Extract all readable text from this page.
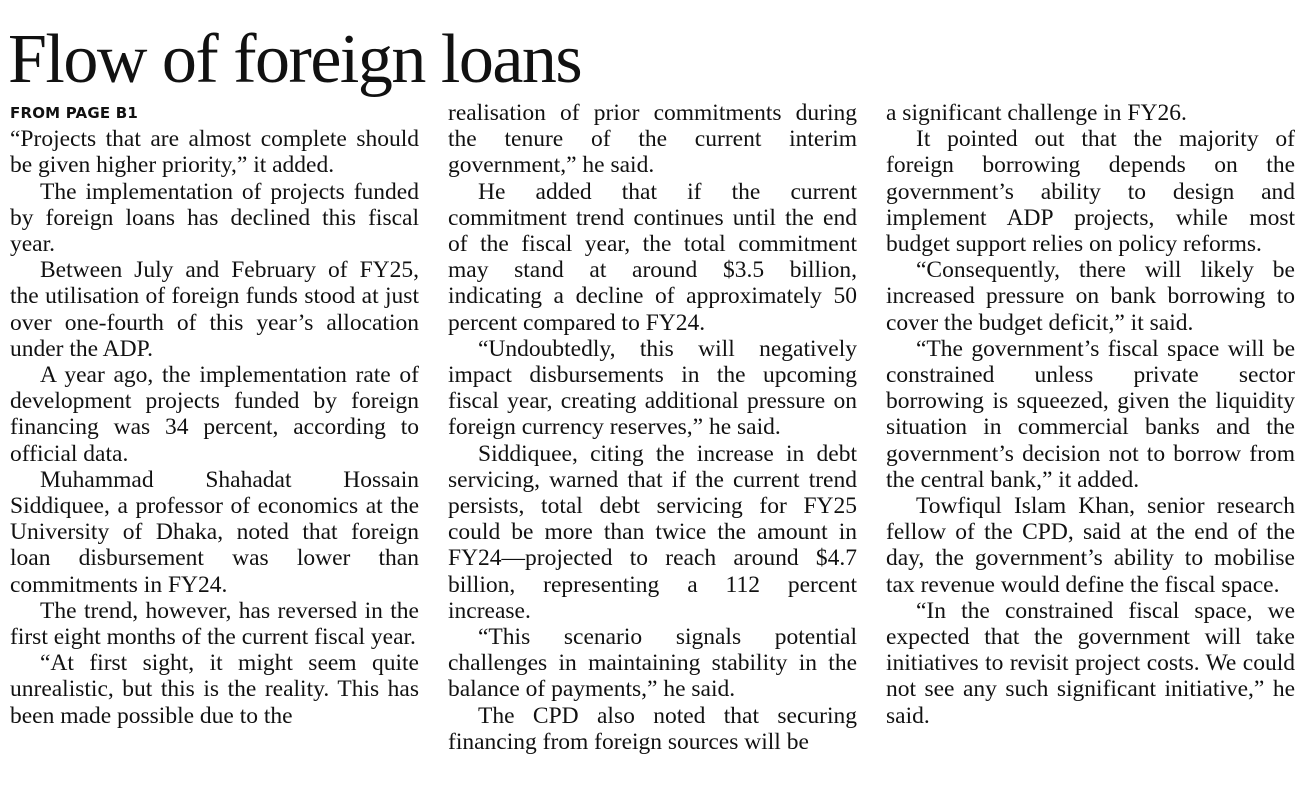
Flow of foreign loans
FROM PAGE B1

“Projects that are almost complete should be given higher priority,” it added.

The implementation of projects funded by foreign loans has declined this fiscal year.

Between July and February of FY25, the utilisation of foreign funds stood at just over one-fourth of this year’s allocation under the ADP.

A year ago, the implementation rate of development projects funded by foreign financing was 34 percent, according to official data.

Muhammad Shahadat Hossain Siddiquee, a professor of economics at the University of Dhaka, noted that foreign loan disbursement was lower than commitments in FY24.

The trend, however, has reversed in the first eight months of the current fiscal year.

“At first sight, it might seem quite unrealistic, but this is the reality. This has been made possible due to the

realisation of prior commitments during the tenure of the current interim government,” he said.

He added that if the current commitment trend continues until the end of the fiscal year, the total commitment may stand at around $3.5 billion, indicating a decline of approximately 50 percent compared to FY24.

“Undoubtedly, this will negatively impact disbursements in the upcoming fiscal year, creating additional pressure on foreign currency reserves,” he said.

Siddiquee, citing the increase in debt servicing, warned that if the current trend persists, total debt servicing for FY25 could be more than twice the amount in FY24—projected to reach around $4.7 billion, representing a 112 percent increase.

“This scenario signals potential challenges in maintaining stability in the balance of payments,” he said.

The CPD also noted that securing financing from foreign sources will be

a significant challenge in FY26.

It pointed out that the majority of foreign borrowing depends on the government’s ability to design and implement ADP projects, while most budget support relies on policy reforms.

“Consequently, there will likely be increased pressure on bank borrowing to cover the budget deficit,” it said.

“The government’s fiscal space will be constrained unless private sector borrowing is squeezed, given the liquidity situation in commercial banks and the government’s decision not to borrow from the central bank,” it added.

Towfiqul Islam Khan, senior research fellow of the CPD, said at the end of the day, the government’s ability to mobilise tax revenue would define the fiscal space.

“In the constrained fiscal space, we expected that the government will take initiatives to revisit project costs. We could not see any such significant initiative,” he said.
